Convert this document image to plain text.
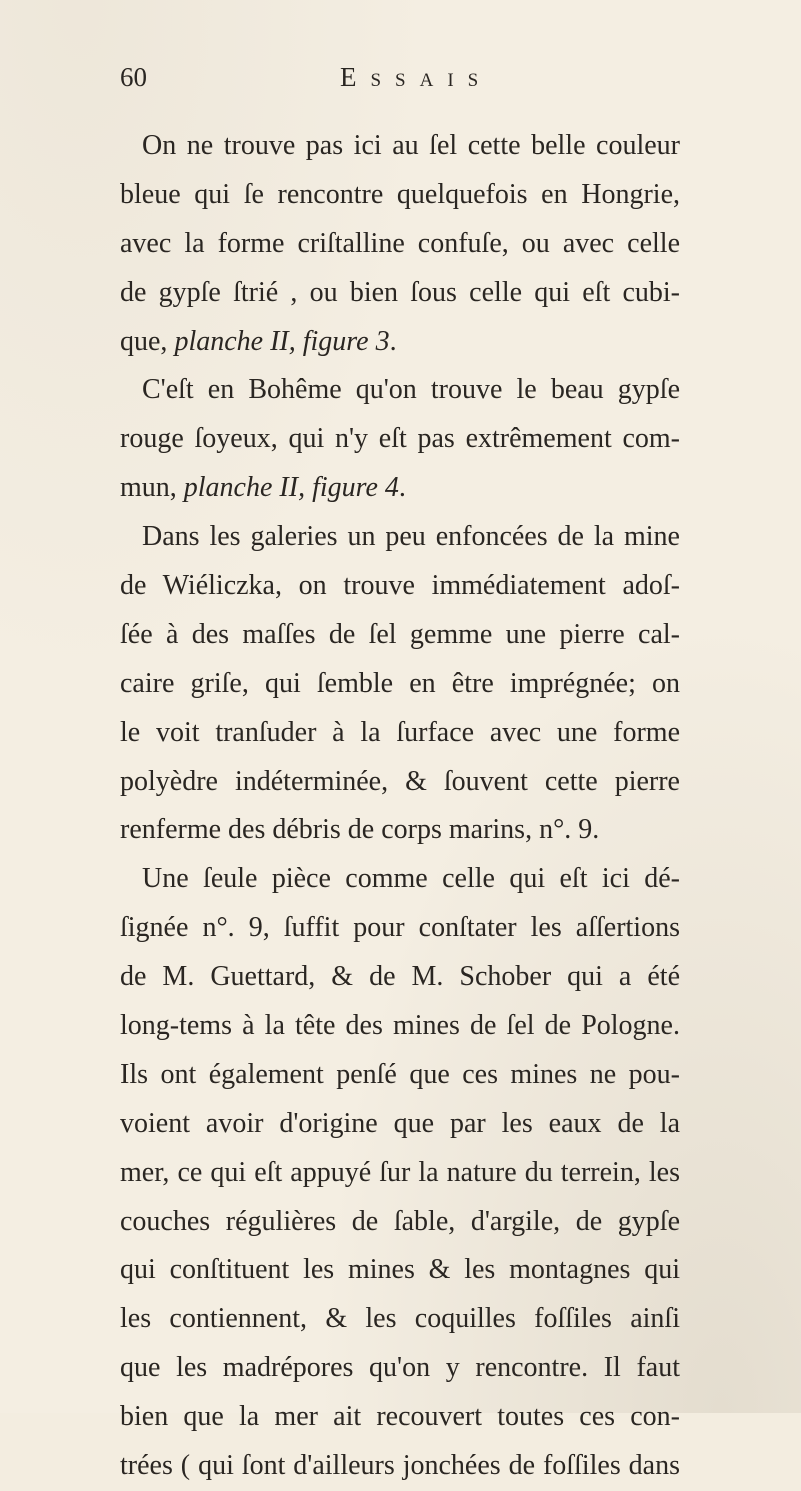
60	Essais
On ne trouve pas ici au ſel cette belle couleur
bleue qui ſe rencontre quelquefois en Hongrie,
avec la forme criſtalline confuſe, ou avec celle
de gypſe ſtrié , ou bien ſous celle qui eſt cubi-
que, planche II, figure 3.
C'eſt en Bohême qu'on trouve le beau gypſe
rouge ſoyeux, qui n'y eſt pas extrêmement com-
mun, planche II, figure 4.
Dans les galeries un peu enfoncées de la mine
de Wiéliczka, on trouve immédiatement adoſ-
ſée à des maſſes de ſel gemme une pierre cal-
caire griſe, qui ſemble en être imprégnée; on
le voit tranſuder à la ſurface avec une forme
polyèdre indéterminée, & ſouvent cette pierre
renferme des débris de corps marins, n°. 9.
Une ſeule pièce comme celle qui eſt ici dé-
ſignée n°. 9, ſuffit pour conſtater les aſſertions
de M. Guettard, & de M. Schober qui a été
long-tems à la tête des mines de ſel de Pologne.
Ils ont également penſé que ces mines ne pou-
voient avoir d'origine que par les eaux de la
mer, ce qui eſt appuyé ſur la nature du terrein, les
couches régulières de ſable, d'argile, de gypſe
qui conſtituent les mines & les montagnes qui
les contiennent, & les coquilles foſſiles ainſi
que les madrépores qu'on y rencontre. Il faut
bien que la mer ait recouvert toutes ces con-
trées ( qui ſont d'ailleurs jonchées de foſſiles dans
